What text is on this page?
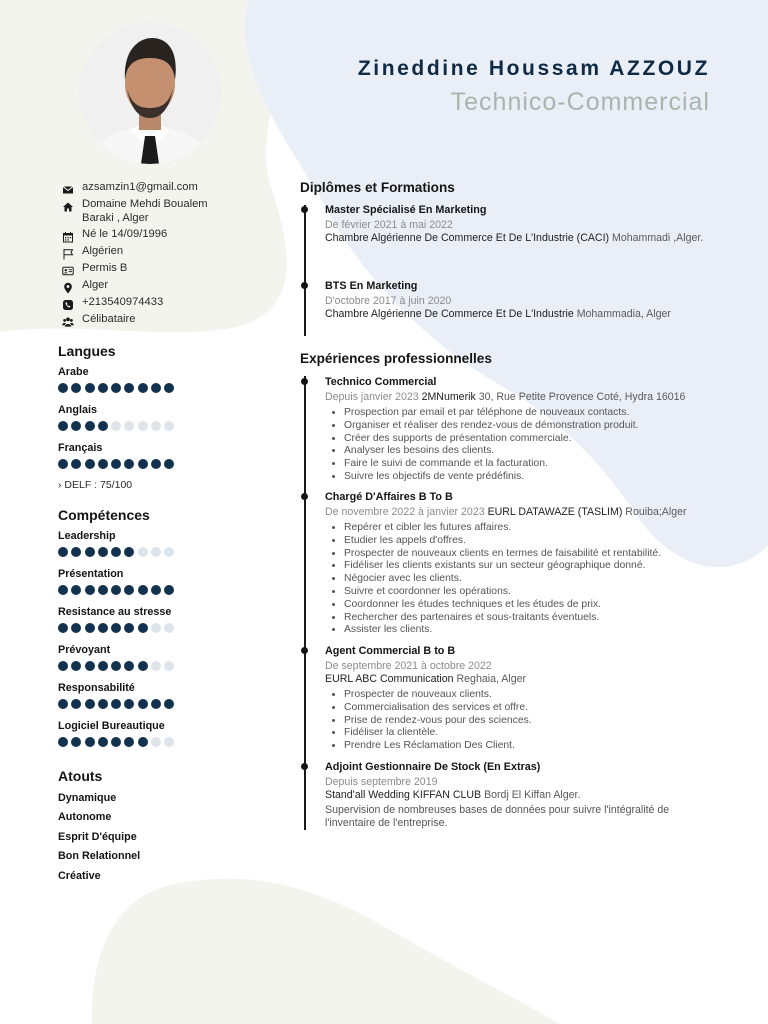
Zineddine Houssam AZZOUZ
Technico-Commercial
azsamzin1@gmail.com
Domaine Mehdi Boualem
Baraki , Alger
Né le 14/09/1996
Algérien
Permis B
Alger
+213540974433
Célibataire
Langues
Arabe
Anglais
Français
› DELF : 75/100
Compétences
Leadership
Présentation
Resistance au stresse
Prévoyant
Responsabilité
Logiciel Bureautique
Atouts
Dynamique
Autonome
Esprit D'équipe
Bon Relationnel
Créative
Diplômes et Formations
Master Spécialisé En Marketing
De février 2021 à mai 2022
Chambre Algérienne De Commerce Et De L'Industrie (CACI) Mohammadi ,Alger.
BTS En Marketing
D'octobre 2017 à juin 2020
Chambre Algérienne De Commerce Et De L'Industrie Mohammadia, Alger
Expériences professionnelles
Technico Commercial
Depuis janvier 2023 2MNumerik 30, Rue Petite Provence Coté, Hydra 16016
• Prospection par email et par téléphone de nouveaux contacts.
• Organiser et réaliser des rendez-vous de démonstration produit.
• Créer des supports de présentation commerciale.
• Analyser les besoins des clients.
• Faire le suivi de commande et la facturation.
• Suivre les objectifs de vente prédéfinis.
Chargé D'Affaires B To B
De novembre 2022 à janvier 2023 EURL DATAWAZE (TASLIM) Rouiba;Alger
• Repérer et cibler les futures affaires.
• Etudier les appels d'offres.
• Prospecter de nouveaux clients en termes de faisabilité et rentabilité.
• Fidéliser les clients existants sur un secteur géographique donné.
• Négocier avec les clients.
• Suivre et coordonner les opérations.
• Coordonner les études techniques et les études de prix.
• Rechercher des partenaires et sous-traitants éventuels.
• Assister les clients.
Agent Commercial B to B
De septembre 2021 à octobre 2022
EURL ABC Communication Reghaia, Alger
• Prospecter de nouveaux clients.
• Commercialisation des services et offre.
• Prise de rendez-vous pour des sciences.
• Fidéliser la clientèle.
• Prendre Les Réclamation Des Client.
Adjoint Gestionnaire De Stock (En Extras)
Depuis septembre 2019
Stand'all Wedding KIFFAN CLUB Bordj El Kiffan Alger.
Supervision de nombreuses bases de données pour suivre l'intégralité de l'inventaire de l'entreprise.
